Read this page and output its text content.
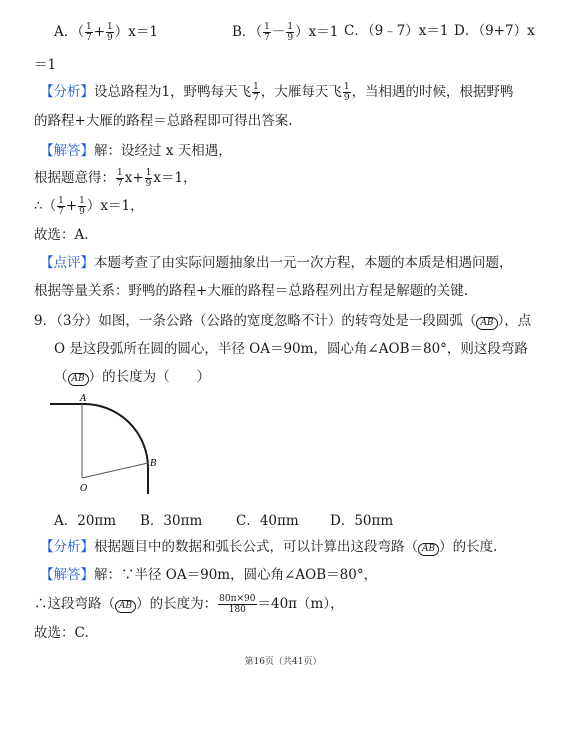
A．（ $\frac{1}{7} + \frac{1}{9} )x=1$	B．（ $\frac{1}{7} - \frac{1}{9} )x=1$ C．（9﹣7）x＝1 D．（9+7）x
＝1
【分析】设总路程为1，野鸭每天飞 $\frac{1}{7}$ ，大雁每天飞 $\frac{1}{9}$ ，当相遇的时候，根据野鸭
的路程+大雁的路程＝总路程即可得出答案.
【解答】解：设经过 x 天相遇，
根据题意得： $\frac{1}{7} x+ \frac{1}{9} x=1$，
∴（ $\frac{1}{7} + \frac{1}{9} )x=1$，
故选：A.
【点评】本题考查了由实际问题抽象出一元一次方程，本题的本质是相遇问题，
根据等量关系：野鸭的路程+大雁的路程＝总路程列出方程是解题的关键.
9．（3分）如图，一条公路（公路的宽度忽略不计）的转弯处是一段圆弧（ AB ），点
O 是这段弧所在圆的圆心，半径 OA＝90m，圆心角∠AOB＝80°，则这段弯路
（ AB ）的长度为（　　）
A
B
O
A．20πm B．30πm C．40πm D．50πm
【分析】根据题目中的数据和弧长公式，可以计算出这段弯路（ AB ）的长度.
【解答】解：∵半径 OA＝90m，圆心角∠AOB＝80°，
∴这段弯路（ AB ）的长度为： $\frac{80\pi\times 90}{180} =40\pi(m)$，
故选：C.
第16页（共41页）
